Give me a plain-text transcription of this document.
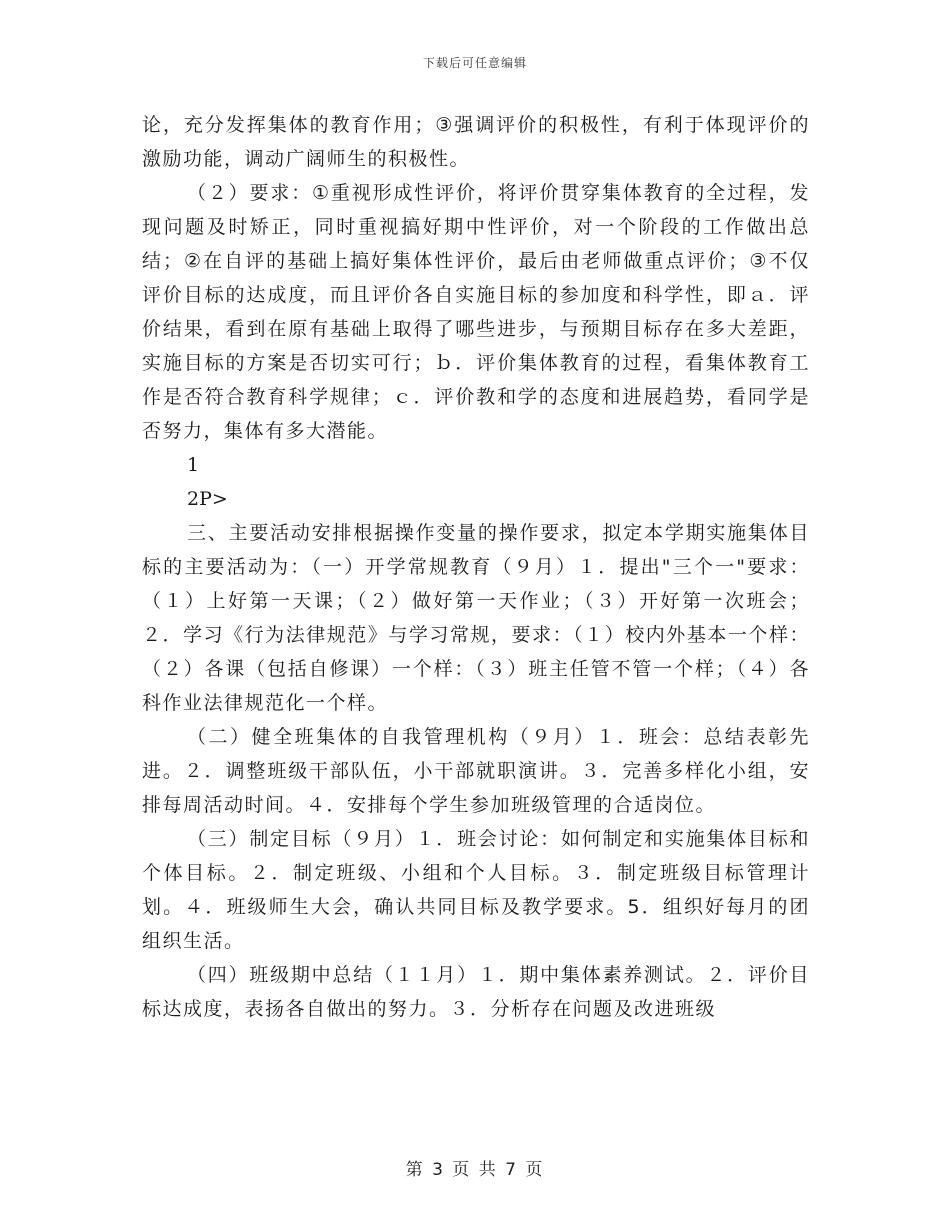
下载后可任意编辑

论，充分发挥集体的教育作用；③强调评价的积极性，有利于体现评价的激励功能，调动广阔师生的积极性。

（２）要求：①重视形成性评价，将评价贯穿集体教育的全过程，发现问题及时矫正，同时重视搞好期中性评价，对一个阶段的工作做出总结；②在自评的基础上搞好集体性评价，最后由老师做重点评价；③不仅评价目标的达成度，而且评价各自实施目标的参加度和科学性，即ａ．评价结果，看到在原有基础上取得了哪些进步，与预期目标存在多大差距，实施目标的方案是否切实可行；ｂ．评价集体教育的过程，看集体教育工作是否符合教育科学规律；ｃ．评价教和学的态度和进展趋势，看同学是否努力，集体有多大潜能。

1

2P>

三、主要活动安排根据操作变量的操作要求，拟定本学期实施集体目标的主要活动为：（一）开学常规教育（９月）１．提出"三个一"要求：（１）上好第一天课；（２）做好第一天作业；（３）开好第一次班会；２．学习《行为法律规范》与学习常规，要求：（１）校内外基本一个样：（２）各课（包括自修课）一个样：（３）班主任管不管一个样；（４）各科作业法律规范化一个样。

（二）健全班集体的自我管理机构（９月）１．班会：总结表彰先进。２．调整班级干部队伍，小干部就职演讲。３．完善多样化小组，安排每周活动时间。４．安排每个学生参加班级管理的合适岗位。

（三）制定目标（９月）１．班会讨论：如何制定和实施集体目标和个体目标。２．制定班级、小组和个人目标。３．制定班级目标管理计划。４．班级师生大会，确认共同目标及教学要求。5．组织好每月的团组织生活。

（四）班级期中总结（１１月）１．期中集体素养测试。２．评价目标达成度，表扬各自做出的努力。３．分析存在问题及改进班级

第 3 页 共 7 页
